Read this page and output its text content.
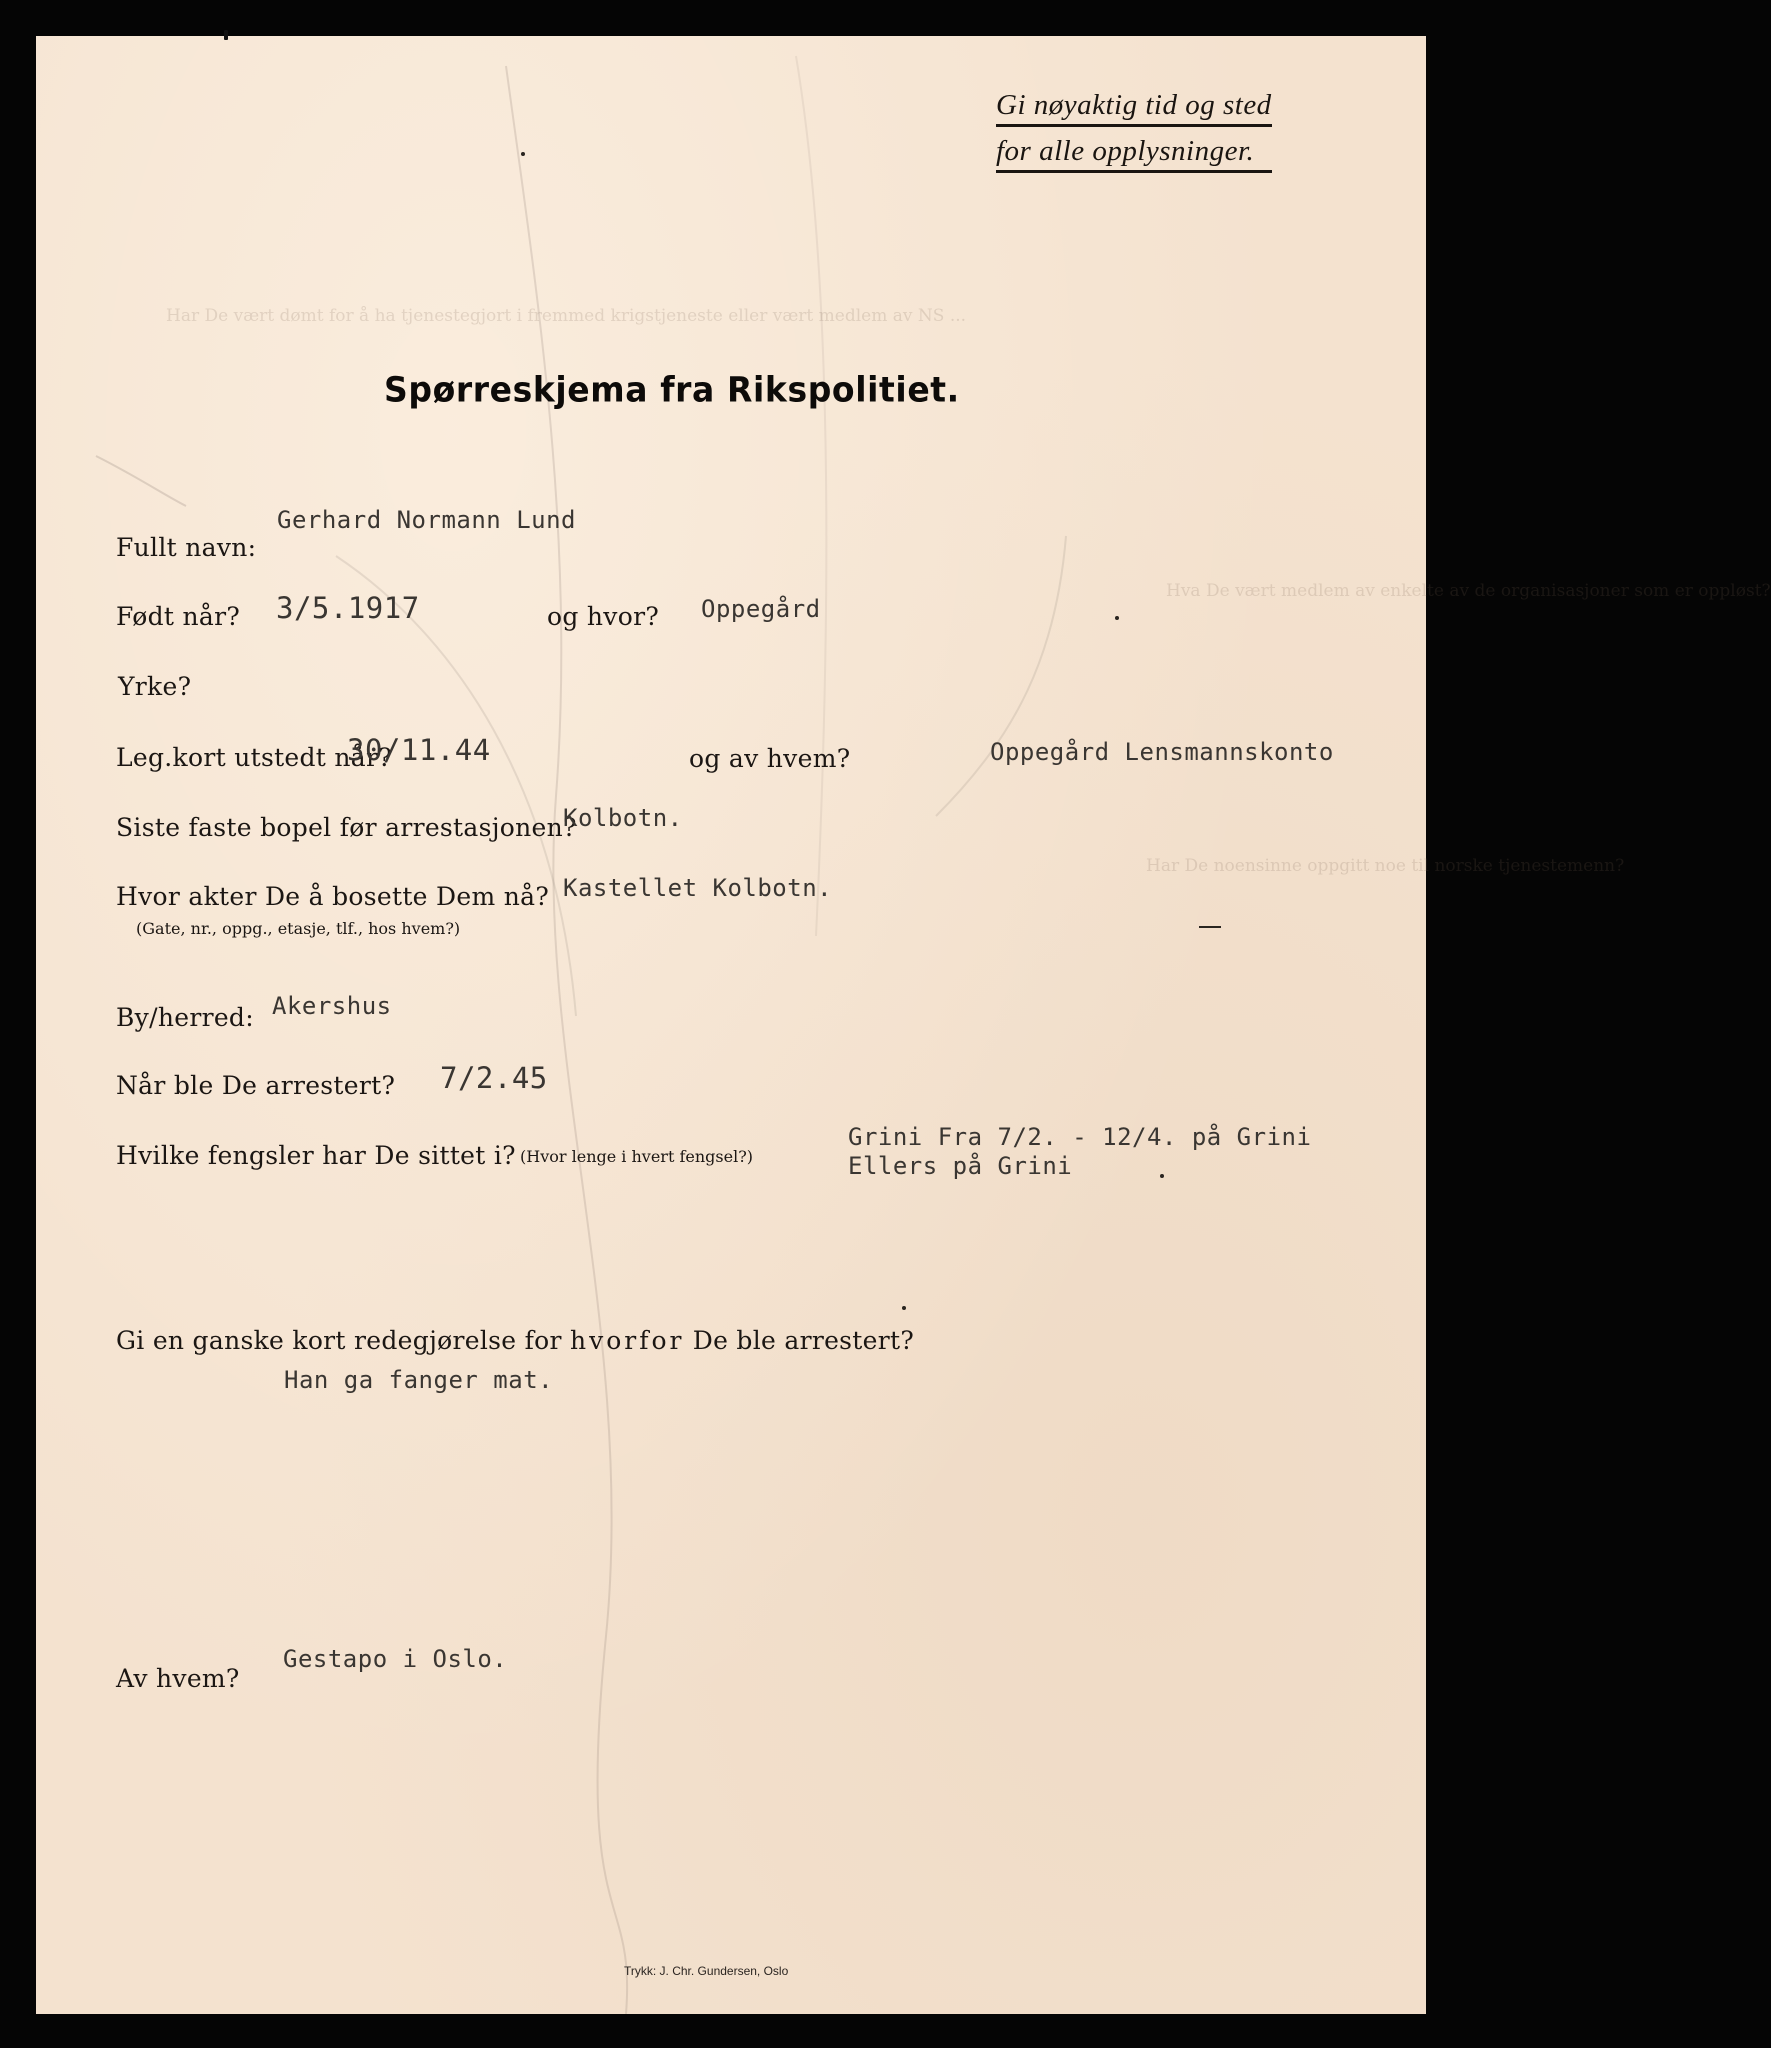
Har De vært dømt for å ha tjenestegjort i fremmed krigstjeneste eller vært medlem av NS ...
Hva De vært medlem av enkelte av de organisasjoner som er oppløst?
Har De noensinne oppgitt noe til norske tjenestemenn?
Gi nøyaktig tid og sted
for alle opplysninger.
Spørreskjema fra Rikspolitiet.
Fullt navn:
Gerhard Normann Lund
Født når? 3/5.1917	og hvor? Oppegård
Yrke?
Leg.kort utstedt når?
30/11.44	og av hvem?	Oppegård Lensmannskonto
Siste faste bopel før arrestasjonen?
Kolbotn.
Hvor akter De å bosette Dem nå?
(Gate, nr., oppg., etasje, tlf., hos hvem?)
Kastellet Kolbotn.
By/herred: Akershus
Når ble De arrestert? 7/2.45
Hvilke fengsler har De sittet i? (Hvor lenge i hvert fengsel?)
Grini Fra 7/2. - 12/4. på Grini
Ellers på Grini
Gi en ganske kort redegjørelse for hvorfor De ble arrestert?
Han ga fanger mat.
Av hvem?
Gestapo i Oslo.
Trykk: J. Chr. Gundersen, Oslo
